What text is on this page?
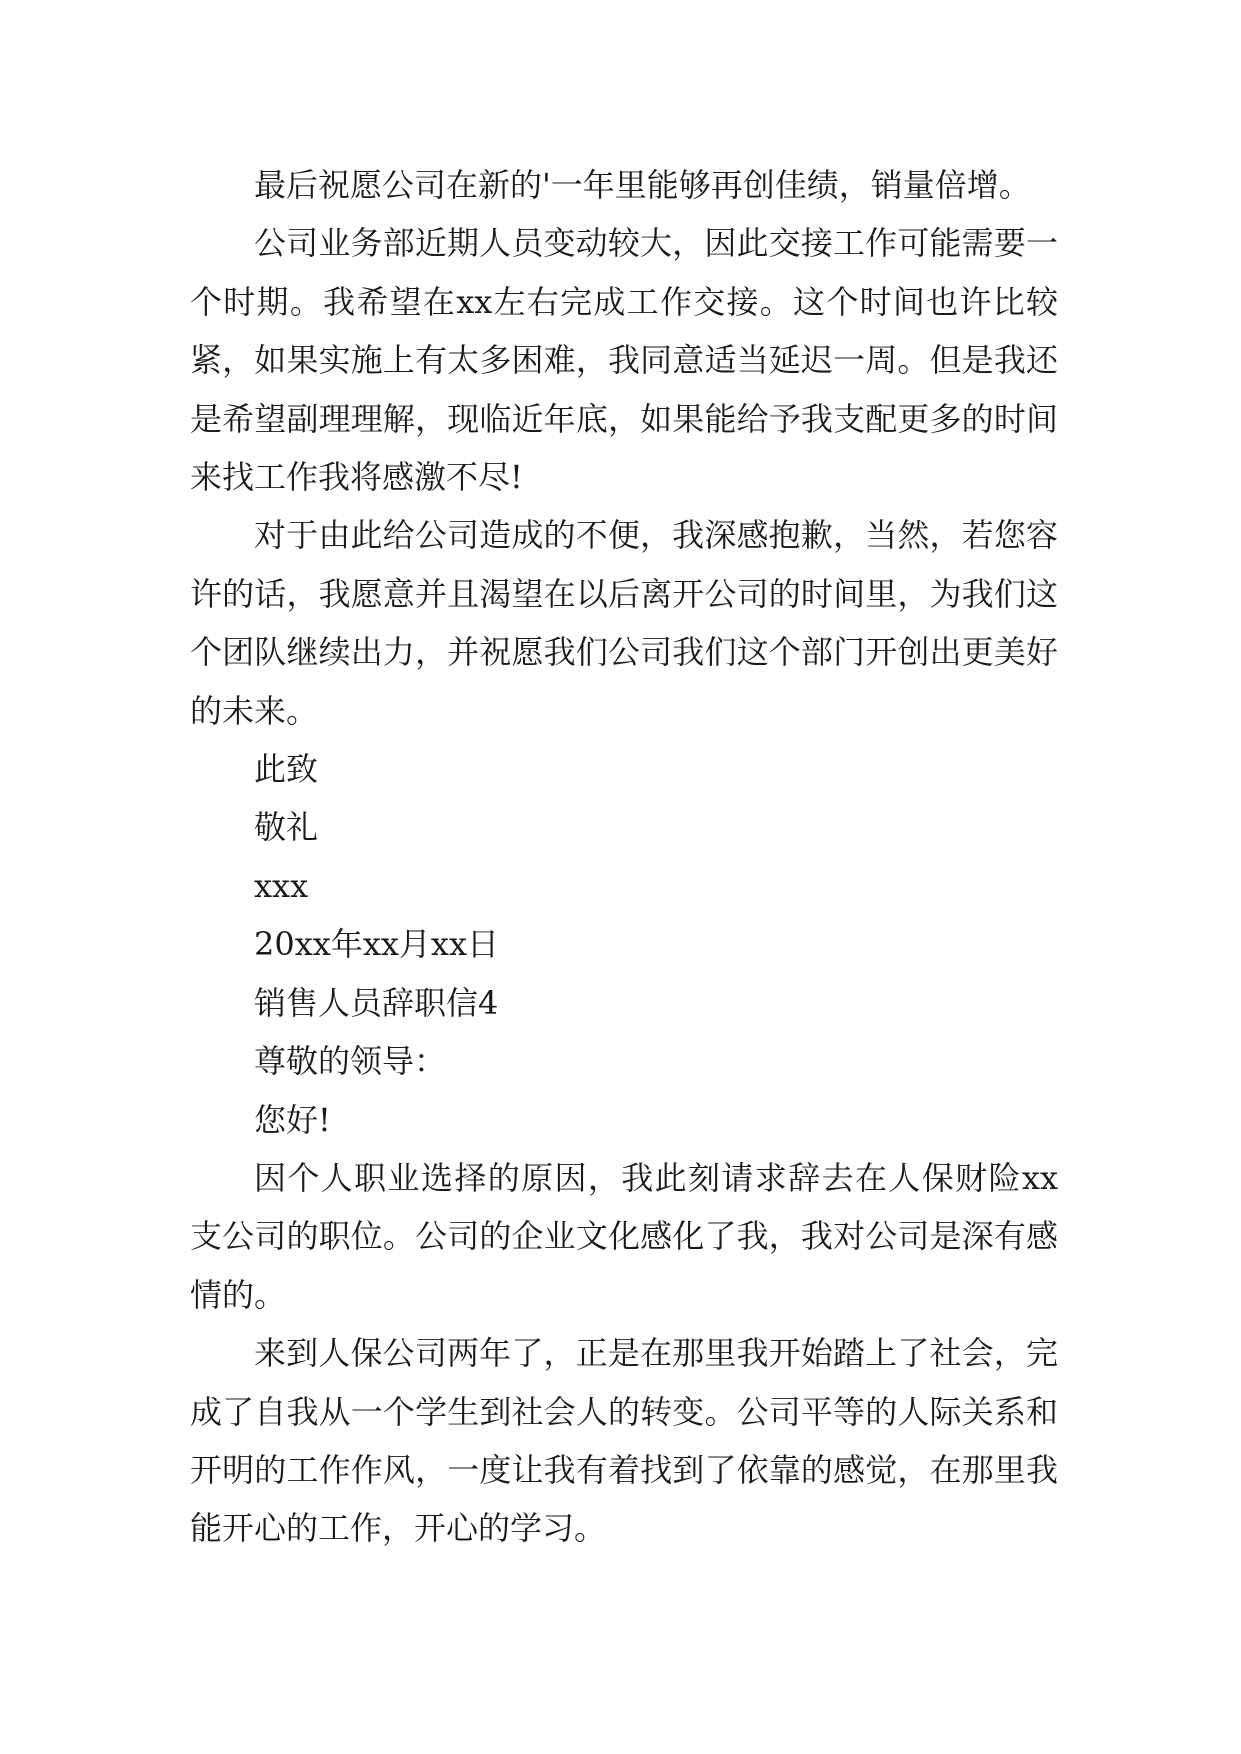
最后祝愿公司在新的'一年里能够再创佳绩，销量倍增。

公司业务部近期人员变动较大，因此交接工作可能需要一个时期。我希望在xx左右完成工作交接。这个时间也许比较紧，如果实施上有太多困难，我同意适当延迟一周。但是我还是希望副理理解，现临近年底，如果能给予我支配更多的时间来找工作我将感激不尽!

对于由此给公司造成的不便，我深感抱歉，当然，若您容许的话，我愿意并且渴望在以后离开公司的时间里，为我们这个团队继续出力，并祝愿我们公司我们这个部门开创出更美好的未来。

此致

敬礼

xxx

20xx年xx月xx日

销售人员辞职信4

尊敬的领导：

您好!

因个人职业选择的原因，我此刻请求辞去在人保财险xx支公司的职位。公司的企业文化感化了我，我对公司是深有感情的。

来到人保公司两年了，正是在那里我开始踏上了社会，完成了自我从一个学生到社会人的转变。公司平等的人际关系和开明的工作作风，一度让我有着找到了依靠的感觉，在那里我能开心的工作，开心的学习。
